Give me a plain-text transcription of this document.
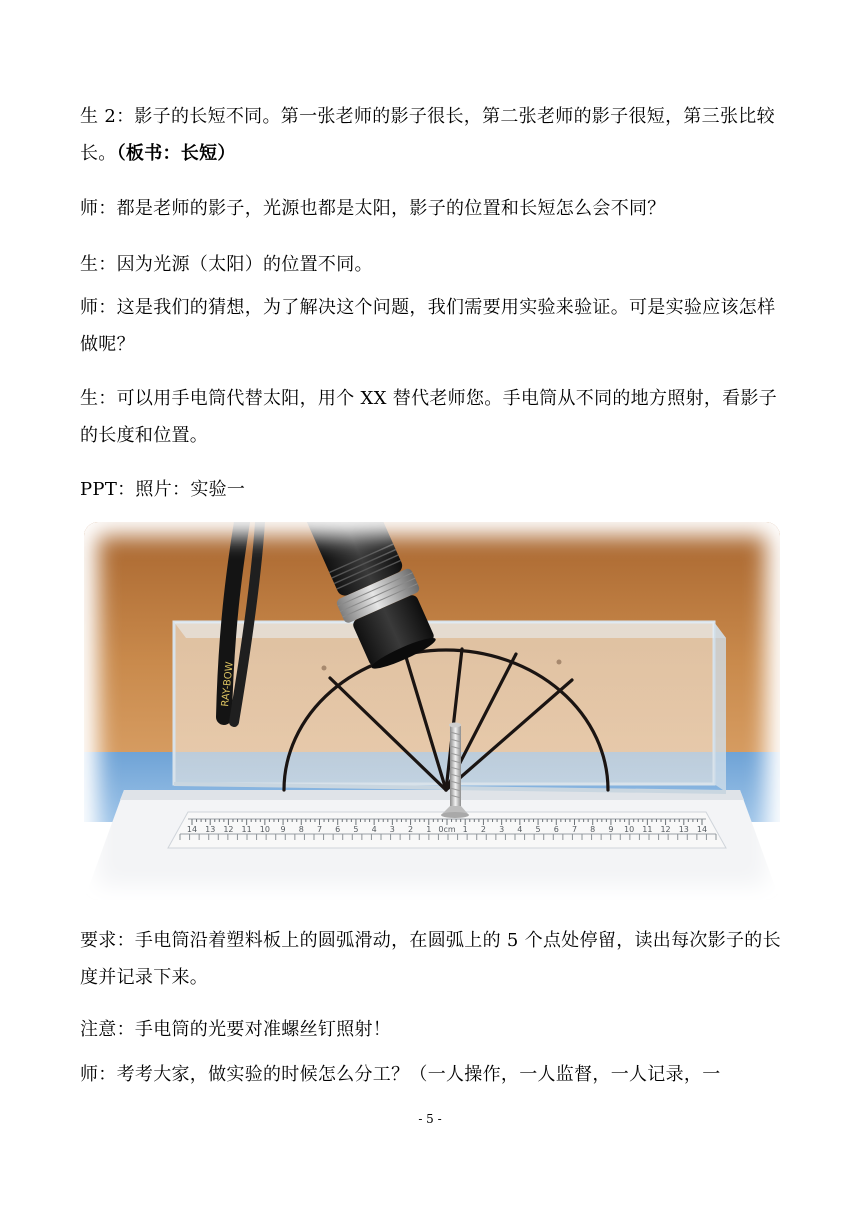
生 2：影子的长短不同。第一张老师的影子很长，第二张老师的影子很短，第三张比较长。（板书：长短）

师：都是老师的影子，光源也都是太阳，影子的位置和长短怎么会不同？

生：因为光源（太阳）的位置不同。

师：这是我们的猜想，为了解决这个问题，我们需要用实验来验证。可是实验应该怎样做呢？

生：可以用手电筒代替太阳，用个 XX 替代老师您。手电筒从不同的地方照射，看影子的长度和位置。

PPT：照片：实验一

14 13 12 11 10 9 8 7 6 5 4 3 2 1 0cm 1 2 3 4 5 6 7 8 9 10 11 12 13 14
RAY-BOW

要求：手电筒沿着塑料板上的圆弧滑动，在圆弧上的 5 个点处停留，读出每次影子的长度并记录下来。

注意：手电筒的光要对准螺丝钉照射！

师：考考大家，做实验的时候怎么分工？（一人操作，一人监督，一人记录，一

- 5 -
